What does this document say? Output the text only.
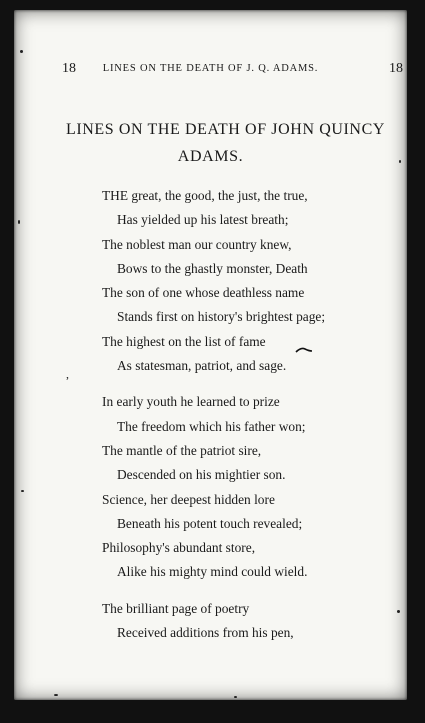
18	LINES ON THE DEATH OF J. Q. ADAMS.	18
LINES ON THE DEATH OF JOHN QUINCY
ADAMS.
THE great, the good, the just, the true,
Has yielded up his latest breath;
The noblest man our country knew,
Bows to the ghastly monster, Death
The son of one whose deathless name
Stands first on history's brightest page;
The highest on the list of fame
As statesman, patriot, and sage.
In early youth he learned to prize
The freedom which his father won;
The mantle of the patriot sire,
Descended on his mightier son.
Science, her deepest hidden lore
Beneath his potent touch revealed;
Philosophy's abundant store,
Alike his mighty mind could wield.
The brilliant page of poetry
Received additions from his pen,
,
